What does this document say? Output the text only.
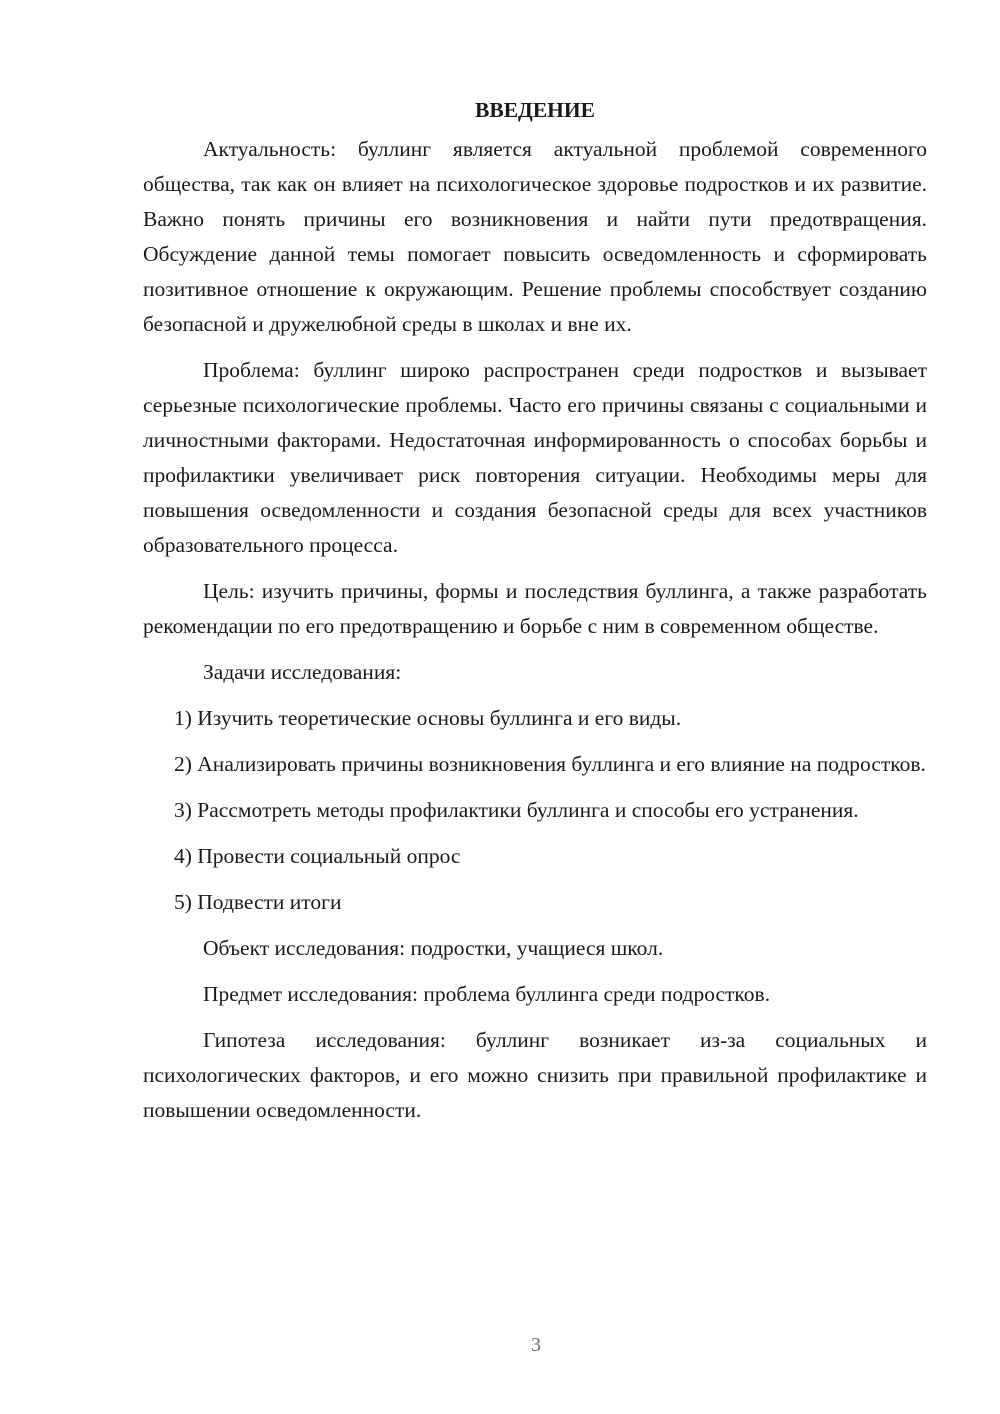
ВВЕДЕНИЕ

Актуальность: буллинг является актуальной проблемой современного общества, так как он влияет на психологическое здоровье подростков и их развитие. Важно понять причины его возникновения и найти пути предотвращения. Обсуждение данной темы помогает повысить осведомленность и сформировать позитивное отношение к окружающим. Решение проблемы способствует созданию безопасной и дружелюбной среды в школах и вне их.

Проблема: буллинг широко распространен среди подростков и вызывает серьезные психологические проблемы. Часто его причины связаны с социальными и личностными факторами. Недостаточная информированность о способах борьбы и профилактики увеличивает риск повторения ситуации. Необходимы меры для повышения осведомленности и создания безопасной среды для всех участников образовательного процесса.

Цель: изучить причины, формы и последствия буллинга, а также разработать рекомендации по его предотвращению и борьбе с ним в современном обществе.

Задачи исследования:

1) Изучить теоретические основы буллинга и его виды.

2) Анализировать причины возникновения буллинга и его влияние на подростков.

3) Рассмотреть методы профилактики буллинга и способы его устранения.

4) Провести социальный опрос

5) Подвести итоги

Объект исследования: подростки, учащиеся школ.

Предмет исследования: проблема буллинга среди подростков.

Гипотеза исследования: буллинг возникает из-за социальных и психологических факторов, и его можно снизить при правильной профилактике и повышении осведомленности.

3
